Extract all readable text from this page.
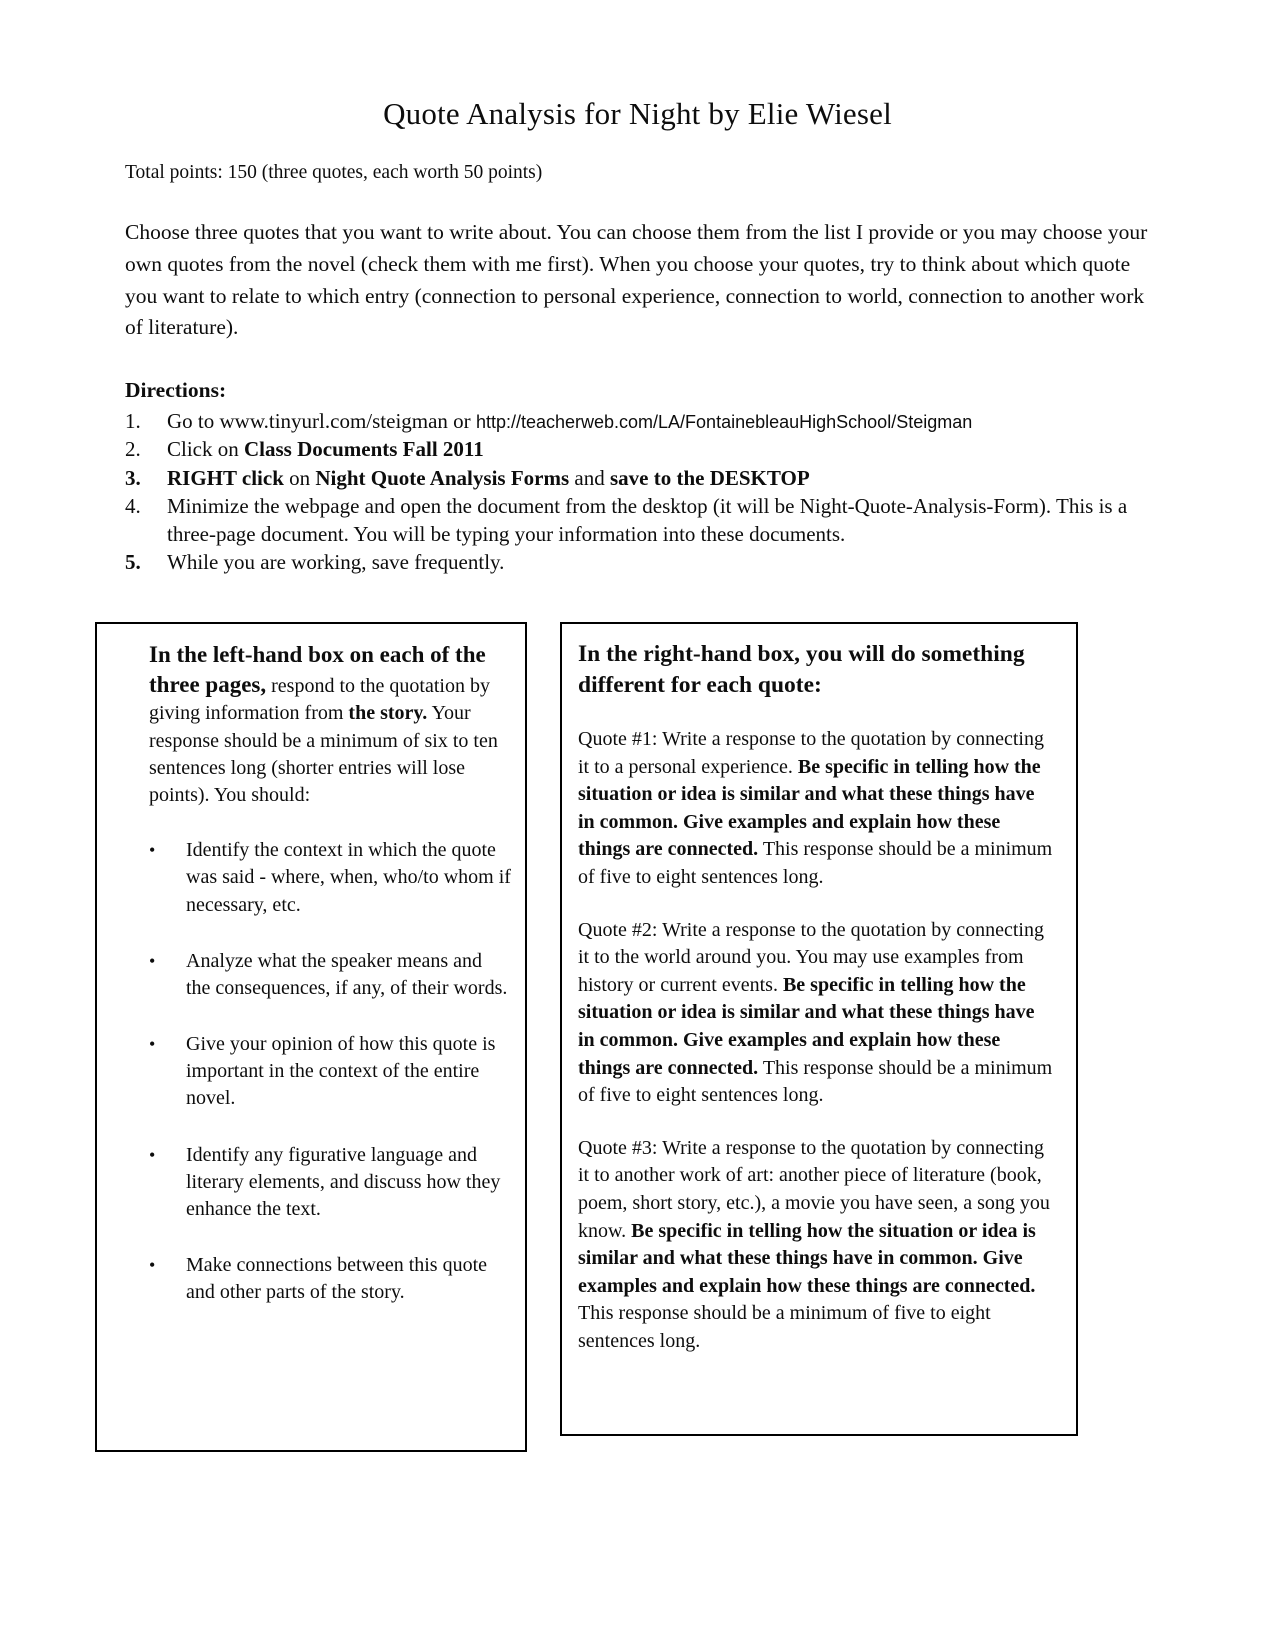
Quote Analysis for Night by Elie Wiesel

Total points: 150 (three quotes, each worth 50 points)

Choose three quotes that you want to write about. You can choose them from the list I provide or you may choose your own quotes from the novel (check them with me first). When you choose your quotes, try to think about which quote you want to relate to which entry (connection to personal experience, connection to world, connection to another work of literature).

Directions:

1.	Go to www.tinyurl.com/steigman or http://teacherweb.com/LA/FontainebleauHighSchool/Steigman
2.	Click on Class Documents Fall 2011
3.	RIGHT click on Night Quote Analysis Forms and save to the DESKTOP
4.	Minimize the webpage and open the document from the desktop (it will be Night-Quote-Analysis-Form). This is a three-page document. You will be typing your information into these documents.
5.	While you are working, save frequently.

In the left-hand box on each of the three pages, respond to the quotation by giving information from the story. Your response should be a minimum of six to ten sentences long (shorter entries will lose points). You should:

•	Identify the context in which the quote was said - where, when, who/to whom if necessary, etc.
•	Analyze what the speaker means and the consequences, if any, of their words.
•	Give your opinion of how this quote is important in the context of the entire novel.
•	Identify any figurative language and literary elements, and discuss how they enhance the text.
•	Make connections between this quote and other parts of the story.

In the right-hand box, you will do something different for each quote:

Quote #1: Write a response to the quotation by connecting it to a personal experience. Be specific in telling how the situation or idea is similar and what these things have in common. Give examples and explain how these things are connected. This response should be a minimum of five to eight sentences long.

Quote #2: Write a response to the quotation by connecting it to the world around you. You may use examples from history or current events. Be specific in telling how the situation or idea is similar and what these things have in common. Give examples and explain how these things are connected. This response should be a minimum of five to eight sentences long.

Quote #3: Write a response to the quotation by connecting it to another work of art: another piece of literature (book, poem, short story, etc.), a movie you have seen, a song you know. Be specific in telling how the situation or idea is similar and what these things have in common. Give examples and explain how these things are connected. This response should be a minimum of five to eight sentences long.
